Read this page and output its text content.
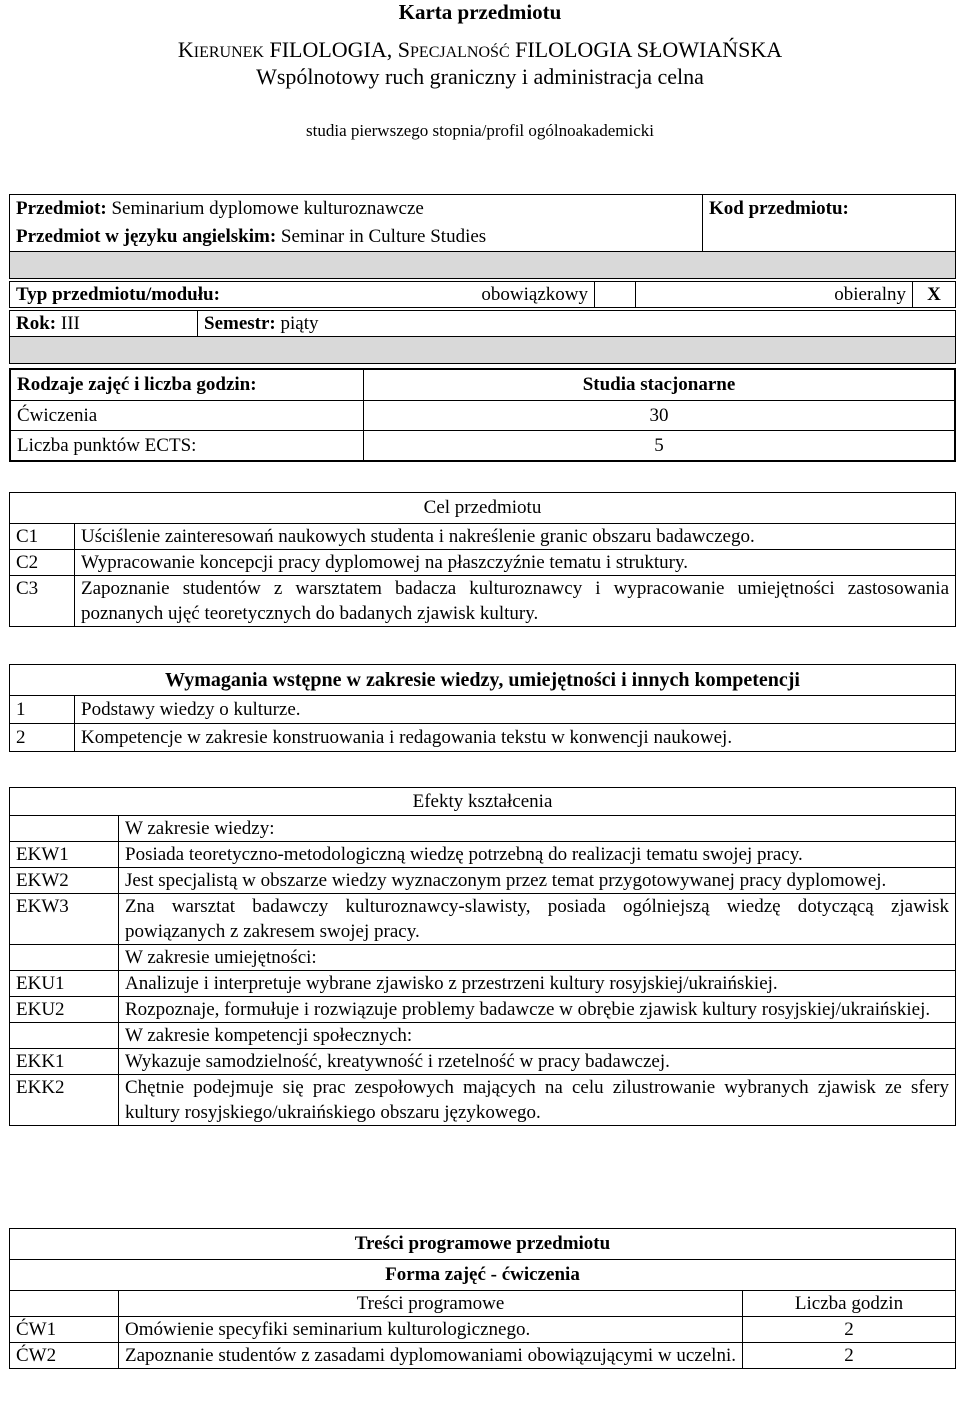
Karta przedmiotu
KIERUNEK FILOLOGIA, SPECJALNOŚĆ FILOLOGIA SŁOWIAŃSKA
Wspólnotowy ruch graniczny i administracja celna
studia pierwszego stopnia/profil ogólnoakademicki
Przedmiot: Seminarium dyplomowe kulturoznawcze
Przedmiot w języku angielskim: Seminar in Culture Studies	Kod przedmiotu:

Typ przedmiotu/modułu:	obowiązkowy		obieralny	X
Rok: III	Semestr: piąty

Rodzaje zajęć i liczba godzin:	Studia stacjonarne
Ćwiczenia	30
Liczba punktów ECTS:	5
Cel przedmiotu	
C1	Uściślenie zainteresowań naukowych studenta i nakreślenie granic obszaru badawczego.
C2	Wypracowanie koncepcji pracy dyplomowej na płaszczyźnie tematu i struktury.
C3	Zapoznanie studentów z warsztatem badacza kulturoznawcy i wypracowanie umiejętności zastosowania poznanych ujęć teoretycznych do badanych zjawisk kultury.
Wymagania wstępne w zakresie wiedzy, umiejętności i innych kompetencji	
1	Podstawy wiedzy o kulturze.
2	Kompetencje w zakresie konstruowania i redagowania tekstu w konwencji naukowej.
Efekty kształcenia	
	W zakresie wiedzy:
EKW1	Posiada teoretyczno-metodologiczną wiedzę potrzebną do realizacji tematu swojej pracy.
EKW2	Jest specjalistą w obszarze wiedzy wyznaczonym przez temat przygotowywanej pracy dyplomowej.
EKW3	Zna warsztat badawczy kulturoznawcy-slawisty, posiada ogólniejszą wiedzę dotyczącą zjawisk powiązanych z zakresem swojej pracy.
	W zakresie umiejętności:
EKU1	Analizuje i interpretuje wybrane zjawisko z przestrzeni kultury rosyjskiej/ukraińskiej.
EKU2	Rozpoznaje, formułuje i rozwiązuje problemy badawcze w obrębie zjawisk kultury rosyjskiej/ukraińskiej.
	W zakresie kompetencji społecznych:
EKK1	Wykazuje samodzielność, kreatywność i rzetelność w pracy badawczej.
EKK2	Chętnie podejmuje się prac zespołowych mających na celu zilustrowanie wybranych zjawisk ze sfery kultury rosyjskiego/ukraińskiego obszaru językowego.
Treści programowe przedmiotu		
Forma zajęć - ćwiczenia		
	Treści programowe	Liczba godzin
ĆW1	Omówienie specyfiki seminarium kulturologicznego.	2
ĆW2	Zapoznanie studentów z zasadami dyplomowaniami obowiązującymi w uczelni.	2
